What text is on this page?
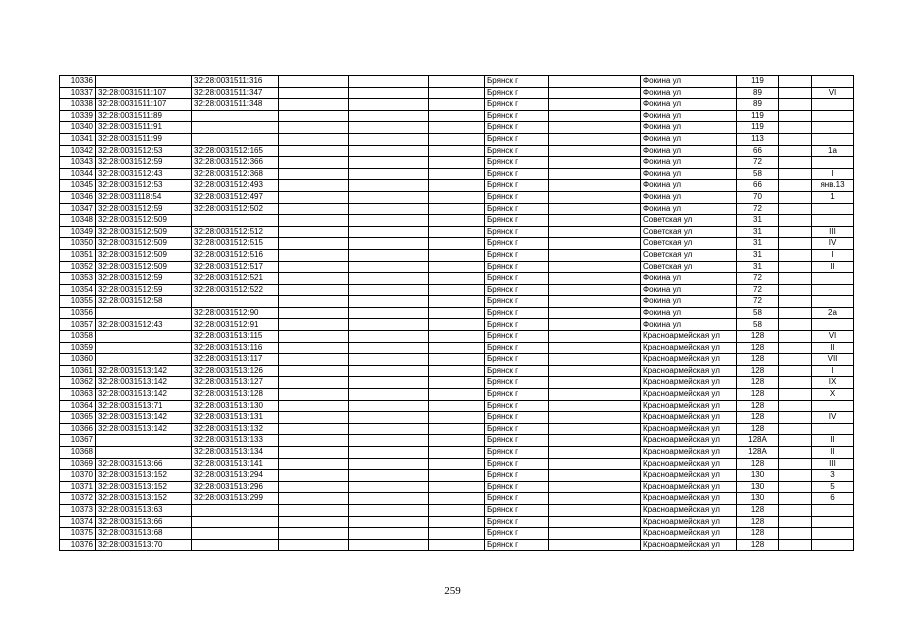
10336		32:28:0031511:316				Брянск г		Фокина ул	119		
10337	32:28:0031511:107	32:28:0031511:347				Брянск г		Фокина ул	89		VI
10338	32:28:0031511:107	32:28:0031511:348				Брянск г		Фокина ул	89		
10339	32:28:0031511:89					Брянск г		Фокина ул	119		
10340	32:28:0031511:91					Брянск г		Фокина ул	119		
10341	32:28:0031511:99					Брянск г		Фокина ул	113		
10342	32:28:0031512:53	32:28:0031512:165				Брянск г		Фокина ул	66		1а
10343	32:28:0031512:59	32:28:0031512:366				Брянск г		Фокина ул	72		
10344	32:28:0031512:43	32:28:0031512:368				Брянск г		Фокина ул	58		I
10345	32:28:0031512:53	32:28:0031512:493				Брянск г		Фокина ул	66		янв.13
10346	32:28:0031118:54	32:28:0031512:497				Брянск г		Фокина ул	70		1
10347	32:28:0031512:59	32:28:0031512:502				Брянск г		Фокина ул	72		
10348	32:28:0031512:509					Брянск г		Советская ул	31		
10349	32:28:0031512:509	32:28:0031512:512				Брянск г		Советская ул	31		III
10350	32:28:0031512:509	32:28:0031512:515				Брянск г		Советская ул	31		IV
10351	32:28:0031512:509	32:28:0031512:516				Брянск г		Советская ул	31		I
10352	32:28:0031512:509	32:28:0031512:517				Брянск г		Советская ул	31		II
10353	32:28:0031512:59	32:28:0031512:521				Брянск г		Фокина ул	72		
10354	32:28:0031512:59	32:28:0031512:522				Брянск г		Фокина ул	72		
10355	32:28:0031512:58					Брянск г		Фокина ул	72		
10356		32:28:0031512:90				Брянск г		Фокина ул	58		2а
10357	32:28:0031512:43	32:28:0031512:91				Брянск г		Фокина ул	58		
10358		32:28:0031513:115				Брянск г		Красноармейская ул	128		VI
10359		32:28:0031513:116				Брянск г		Красноармейская ул	128		II
10360		32:28:0031513:117				Брянск г		Красноармейская ул	128		VII
10361	32:28:0031513:142	32:28:0031513:126				Брянск г		Красноармейская ул	128		I
10362	32:28:0031513:142	32:28:0031513:127				Брянск г		Красноармейская ул	128		IX
10363	32:28:0031513:142	32:28:0031513:128				Брянск г		Красноармейская ул	128		X
10364	32:28:0031513:71	32:28:0031513:130				Брянск г		Красноармейская ул	128		
10365	32:28:0031513:142	32:28:0031513:131				Брянск г		Красноармейская ул	128		IV
10366	32:28:0031513:142	32:28:0031513:132				Брянск г		Красноармейская ул	128		
10367		32:28:0031513:133				Брянск г		Красноармейская ул	128А		II
10368		32:28:0031513:134				Брянск г		Красноармейская ул	128А		II
10369	32:28:0031513:66	32:28:0031513:141				Брянск г		Красноармейская ул	128		III
10370	32:28:0031513:152	32:28:0031513:294				Брянск г		Красноармейская ул	130		3
10371	32:28:0031513:152	32:28:0031513:296				Брянск г		Красноармейская ул	130		5
10372	32:28:0031513:152	32:28:0031513:299				Брянск г		Красноармейская ул	130		6
10373	32:28:0031513:63					Брянск г		Красноармейская ул	128		
10374	32:28:0031513:66					Брянск г		Красноармейская ул	128		
10375	32:28:0031513:68					Брянск г		Красноармейская ул	128		
10376	32:28:0031513:70					Брянск г		Красноармейская ул	128		
259
